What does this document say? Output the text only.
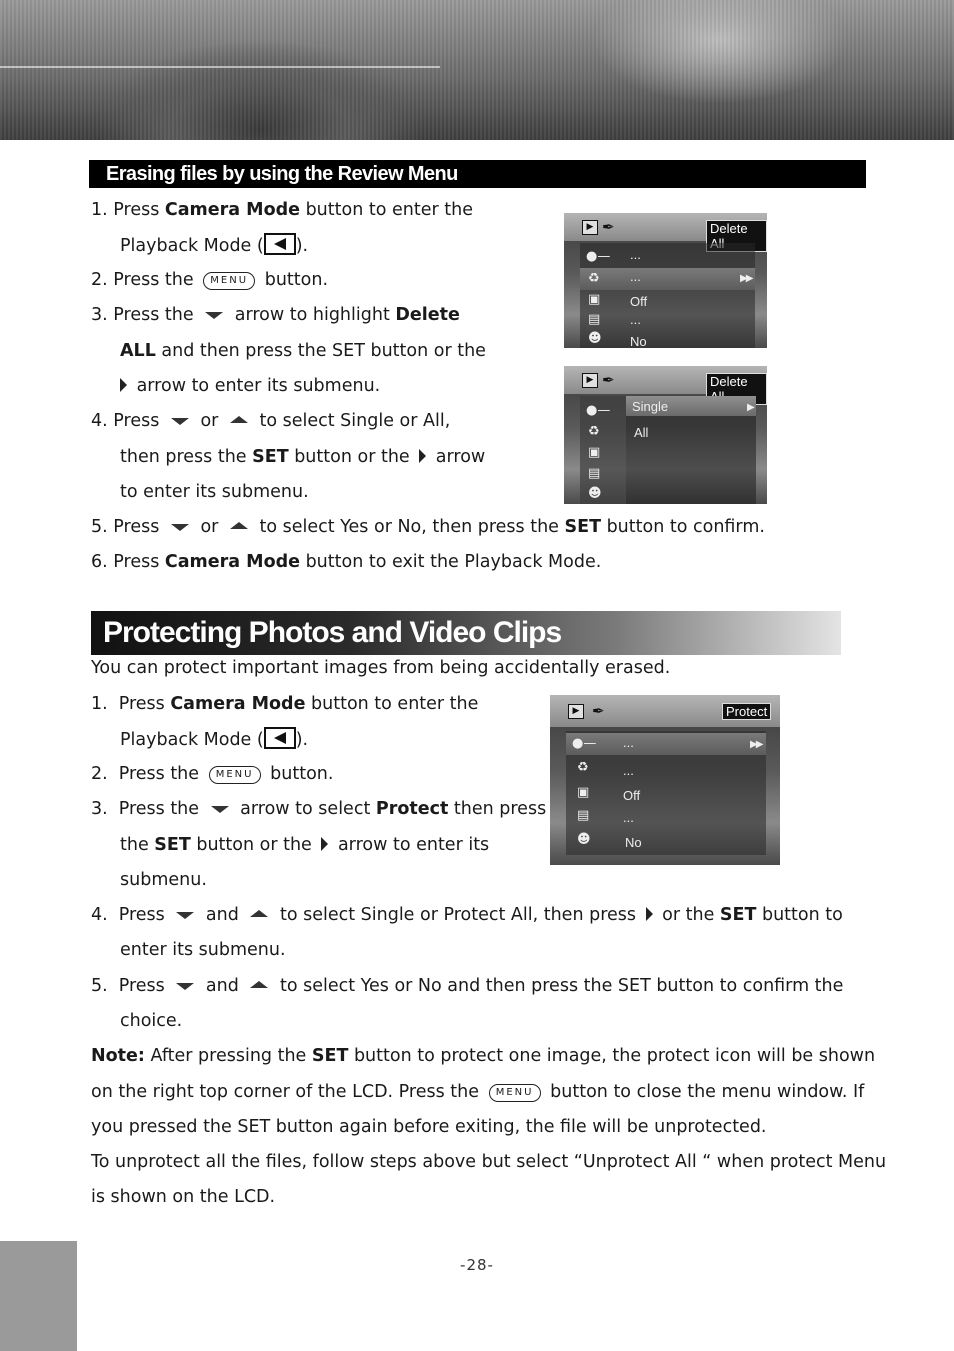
Erasing files by using the Review Menu
1. Press Camera Mode button to enter the
Playback Mode ( ).
2. Press the MENU button.
3. Press the  arrow to highlight Delete
ALL and then press the SET button or the
arrow to enter its submenu.
4. Press  or  to select Single or All,
then press the SET button or the  arrow
to enter its submenu.
5. Press  or  to select Yes or No, then press the SET button to confirm.
6. Press Camera Mode button to exit the Playback Mode.
▶ ✒	Delete
●—
♻
▣
▤
☻
...
...	▶▶
Off
...
No
▶ ✒	Delete
●—
♻
▣
▤
☻
Single
All
▶
Protecting Photos and Video Clips
You can protect important images from being accidentally erased.
1. Press Camera Mode button to enter the
Playback Mode ( ).
2. Press the MENU button.
3. Press the  arrow to select Protect then press
the SET button or the  arrow to enter its
submenu.
4. Press  and  to select Single or Protect All, then press  or the SET button to
enter its submenu.
5. Press  and  to select Yes or No and then press the SET button to confirm the
choice.
Note: After pressing the SET button to protect one image, the protect icon will be shown
on the right top corner of the LCD. Press the MENU button to close the menu window. If
you pressed the SET button again before exiting, the file will be unprotected.
To unprotect all the files, follow steps above but select “Unprotect All “ when protect Menu
is shown on the LCD.
▶ ✒	Protect
●—
♻
▣
▤
☻
...	▶▶
...
Off
...
No
-28-
